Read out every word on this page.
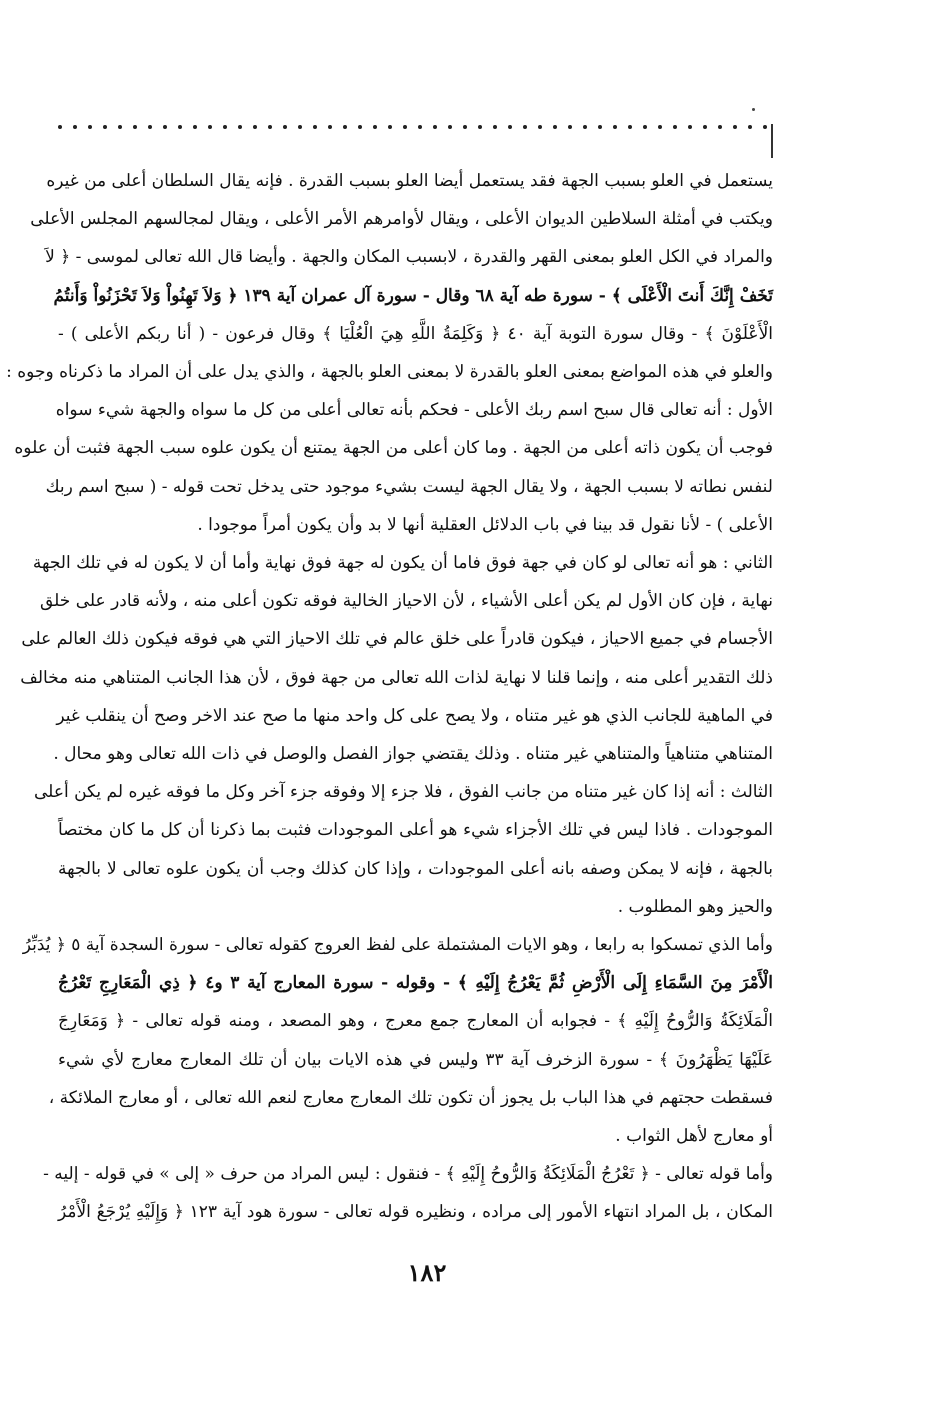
يستعمل في العلو بسبب الجهة فقد يستعمل أيضا العلو بسبب القدرة . فإنه يقال السلطان أعلى من غيره
ويكتب في أمثلة السلاطين الديوان الأعلى ، ويقال لأوامرهم الأمر الأعلى ، ويقال لمجالسهم المجلس الأعلى
والمراد في الكل العلو بمعنى القهر والقدرة ، لابسبب المكان والجهة . وأيضا قال الله تعالى لموسى - ﴿ لاَ
تَخَفْ إِنَّكَ أَنتَ الْأَعْلَى ﴾ - سورة طه آية ٦٨ وقال - سورة آل عمران آية ١٣٩ ﴿ وَلاَ تَهِنُواْ وَلاَ تَحْزَنُواْ وَأَنتُمُ
الْأَعْلَوْنَ ﴾ - وقال سورة التوبة آية ٤٠ ﴿ وَكَلِمَةُ اللَّهِ هِيَ الْعُلْيَا ﴾ وقال فرعون - ( أنا ربكم الأعلى ) -
والعلو في هذه المواضع بمعنى العلو بالقدرة لا بمعنى العلو بالجهة ، والذي يدل على أن المراد ما ذكرناه وجوه :
الأول : أنه تعالى قال سبح اسم ربك الأعلى - فحكم بأنه تعالى أعلى من كل ما سواه والجهة شيء سواه
فوجب أن يكون ذاته أعلى من الجهة . وما كان أعلى من الجهة يمتنع أن يكون علوه سبب الجهة فثبت أن علوه
لنفس نطاته لا بسبب الجهة ، ولا يقال الجهة ليست بشيء موجود حتى يدخل تحت قوله - ( سبح اسم ربك
الأعلى ) - لأنا نقول قد بينا في باب الدلائل العقلية أنها لا بد وأن يكون أمراً موجودا .
الثاني : هو أنه تعالى لو كان في جهة فوق فاما أن يكون له جهة فوق نهاية وأما أن لا يكون له في تلك الجهة
نهاية ، فإن كان الأول لم يكن أعلى الأشياء ، لأن الاحياز الخالية فوقه تكون أعلى منه ، ولأنه قادر على خلق
الأجسام في جميع الاحياز ، فيكون قادراً على خلق عالم في تلك الاحياز التي هي فوقه فيكون ذلك العالم على
ذلك التقدير أعلى منه ، وإنما قلنا لا نهاية لذات الله تعالى من جهة فوق ، لأن هذا الجانب المتناهي منه مخالف
في الماهية للجانب الذي هو غير متناه ، ولا يصح على كل واحد منها ما صح عند الاخر وصح أن ينقلب غير
المتناهي متناهياً والمتناهي غير متناه . وذلك يقتضي جواز الفصل والوصل في ذات الله تعالى وهو محال .
الثالث : أنه إذا كان غير متناه من جانب الفوق ، فلا جزء إلا وفوقه جزء آخر وكل ما فوقه غيره لم يكن أعلى
الموجودات . فاذا ليس في تلك الأجزاء شيء هو أعلى الموجودات فثبت بما ذكرنا أن كل ما كان مختصاً
بالجهة ، فإنه لا يمكن وصفه بانه أعلى الموجودات ، وإذا كان كذلك وجب أن يكون علوه تعالى لا بالجهة
والحيز وهو المطلوب .
وأما الذي تمسكوا به رابعا ، وهو الايات المشتملة على لفظ العروج كقوله تعالى - سورة السجدة آية ٥ ﴿ يُدَبِّرُ
الْأَمْرَ مِنَ السَّمَاءِ إِلَى الْأَرْضِ ثُمَّ يَعْرُجُ إِلَيْهِ ﴾ - وقوله - سورة المعارج آية ٣ و٤ ﴿ ذِي الْمَعَارِجِ تَعْرُجُ
الْمَلَائِكَةُ وَالرُّوحُ إِلَيْهِ ﴾ - فجوابه أن المعارج جمع معرج ، وهو المصعد ، ومنه قوله تعالى - ﴿ وَمَعَارِجَ
عَلَيْهَا يَظْهَرُونَ ﴾ - سورة الزخرف آية ٣٣ وليس في هذه الايات بيان أن تلك المعارج معارج لأي شيء
فسقطت حجتهم في هذا الباب بل يجوز أن تكون تلك المعارج معارج لنعم الله تعالى ، أو معارج الملائكة ،
أو معارج لأهل الثواب .
وأما قوله تعالى - ﴿ تَعْرُجُ الْمَلَائِكَةُ وَالرُّوحُ إِلَيْهِ ﴾ - فنقول : ليس المراد من حرف « إلى » في قوله - إليه -
المكان ، بل المراد انتهاء الأمور إلى مراده ، ونظيره قوله تعالى - سورة هود آية ١٢٣ ﴿ وَإِلَيْهِ يُرْجَعُ الْأَمْرُ
١٨٢
